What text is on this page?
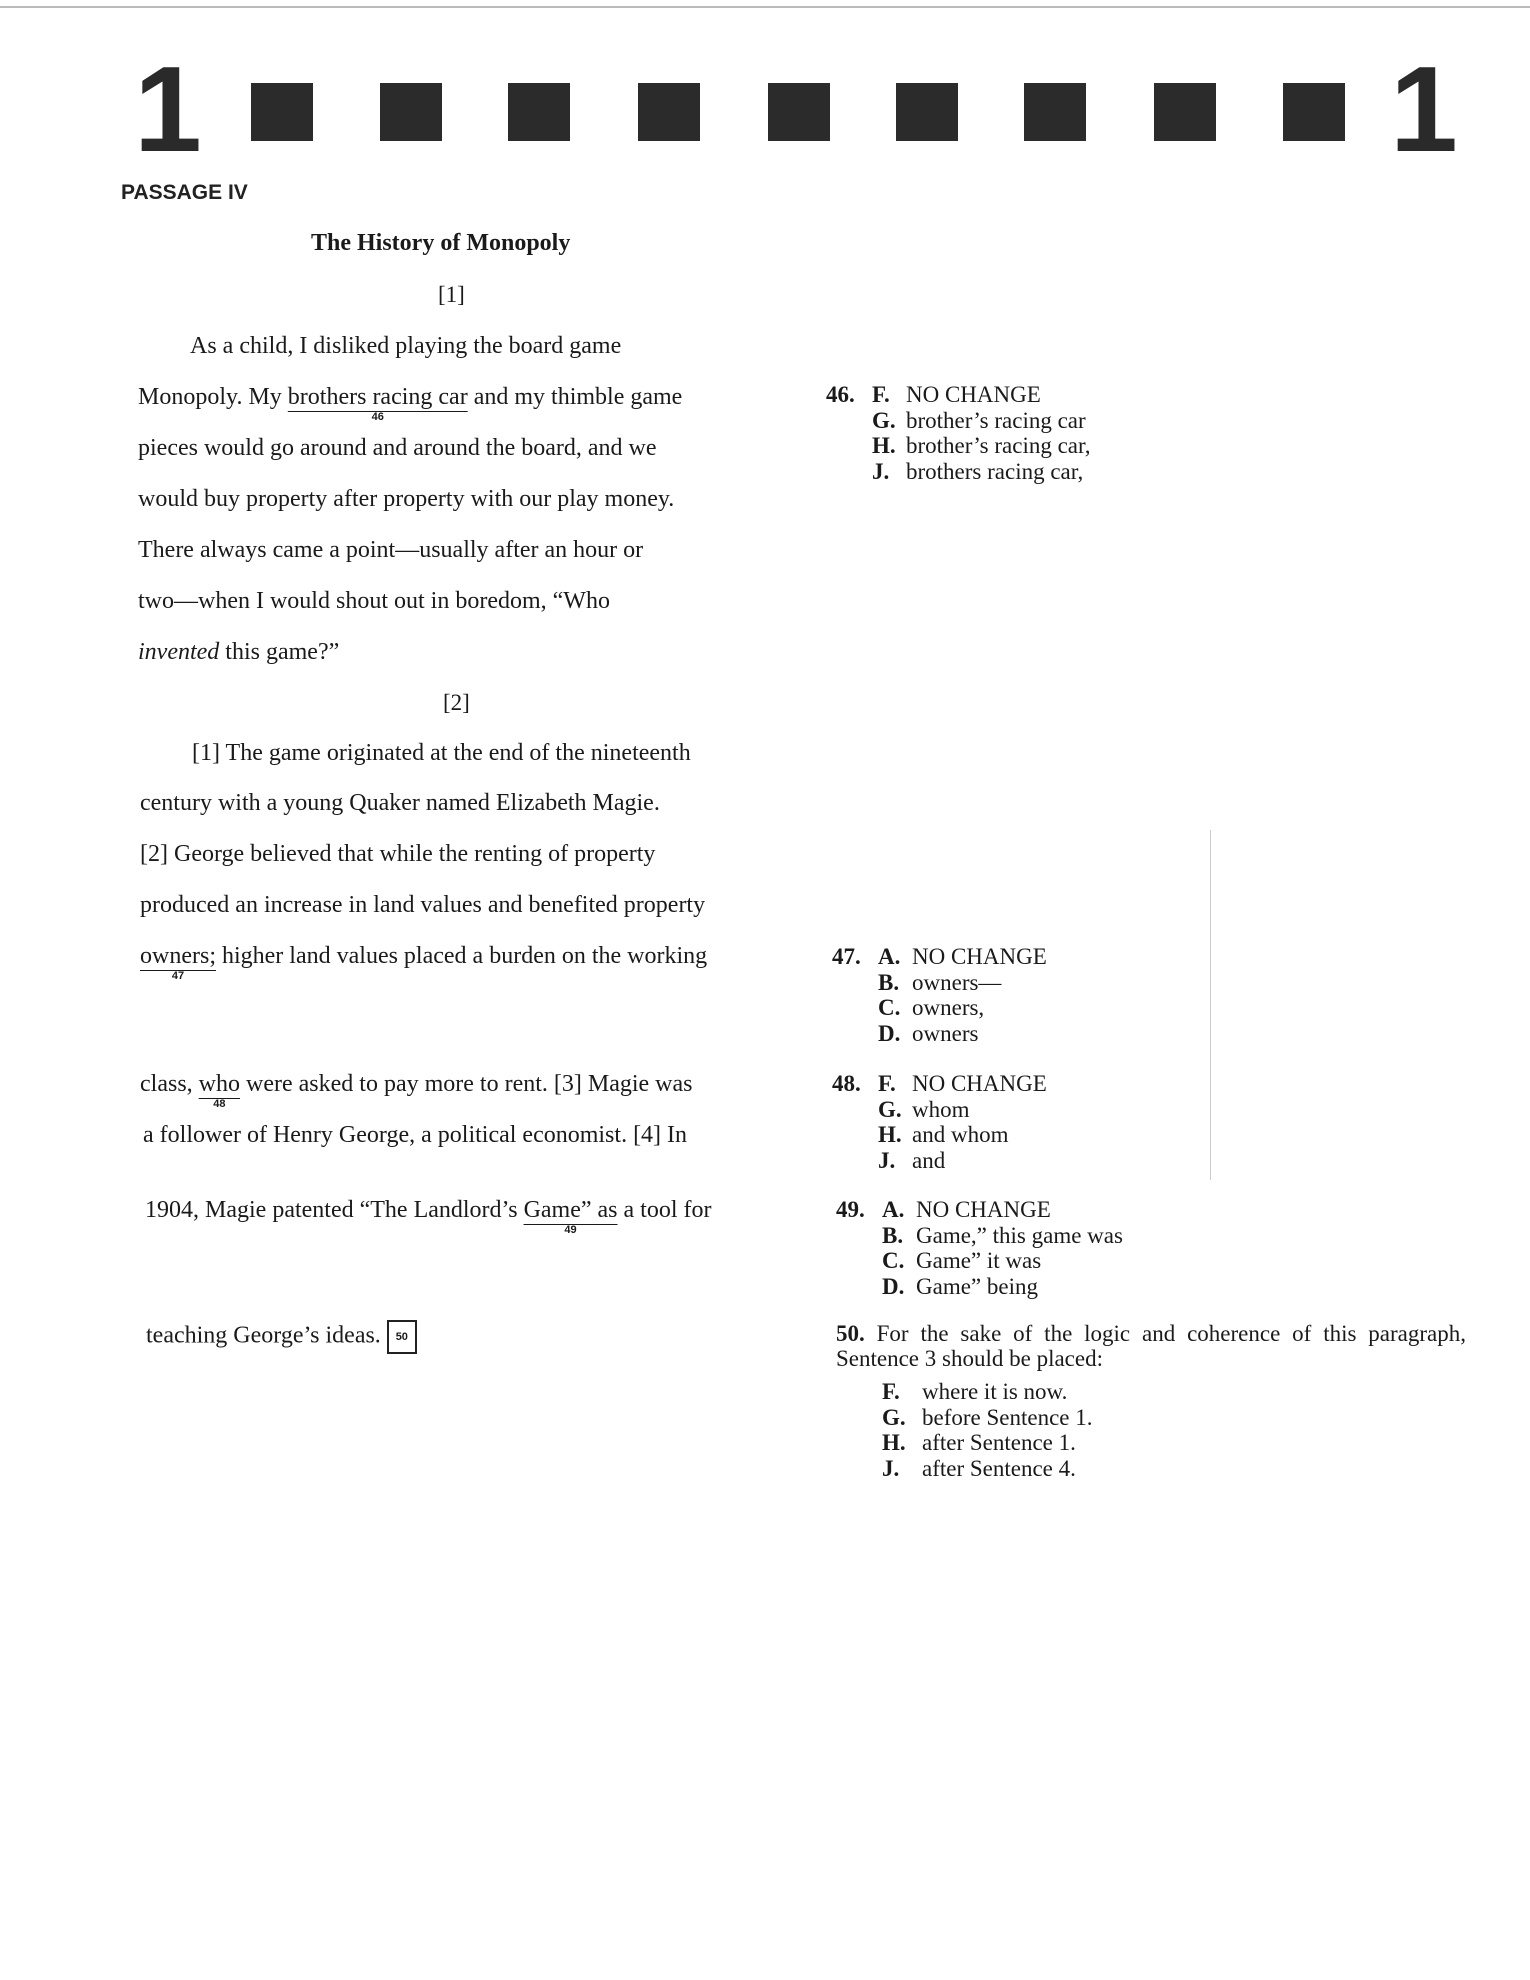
1	1
PASSAGE IV
The History of Monopoly
[1]
As a child, I disliked playing the board game
Monopoly. My brothers racing car
46
and my thimble game
pieces would go around and around the board, and we
would buy property after property with our play money.
There always came a point—usually after an hour or
two—when I would shout out in boredom, “Who
invented this game?”
[2]
[1] The game originated at the end of the nineteenth
century with a young Quaker named Elizabeth Magie.
[2] George believed that while the renting of property
produced an increase in land values and benefited property
owners;
47
higher land values placed a burden on the working
class, who
48
were asked to pay more to rent. [3] Magie was
a follower of Henry George, a political economist. [4] In
1904, Magie patented “The Landlord’s Game” as
49
a tool for
teaching George’s ideas. 50
46. F. NO CHANGE
G. brother’s racing car
H. brother’s racing car,
J. brothers racing car,
47. A. NO CHANGE
B. owners—
C. owners,
D. owners
48. F. NO CHANGE
G. whom
H. and whom
J. and
49. A. NO CHANGE
B. Game,” this game was
C. Game” it was
D. Game” being
50. For the sake of the logic and coherence of this paragraph, Sentence 3 should be placed:
F. where it is now.
G. before Sentence 1.
H. after Sentence 1.
J. after Sentence 4.
